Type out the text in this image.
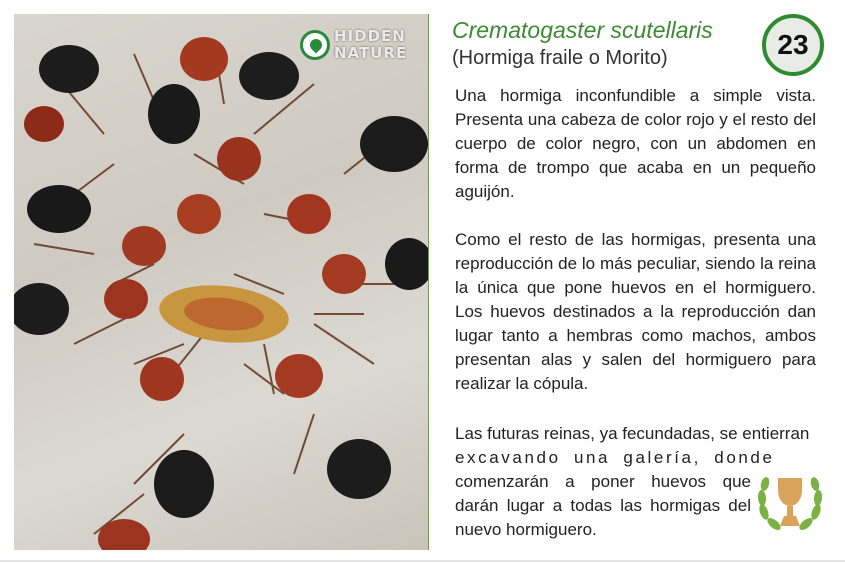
HIDDEN
NATURE
Crematogaster scutellaris
(Hormiga fraile o Morito)	23

Una hormiga inconfundible a simple vista. Presenta una cabeza de color rojo y el resto del cuerpo de color negro, con un abdomen en forma de trompo que acaba en un pequeño aguijón.

Como el resto de las hormigas, presenta una reproducción de lo más peculiar, siendo la reina la única que pone huevos en el hormiguero. Los huevos destinados a la reproducción dan lugar tanto a hembras como machos, ambos presentan alas y salen del hormiguero para realizar la cópula.

Las futuras reinas, ya fecundadas, se entierran
excavando una galería, donde
comenzarán a poner huevos que darán lugar a todas las hormigas del nuevo hormiguero.
